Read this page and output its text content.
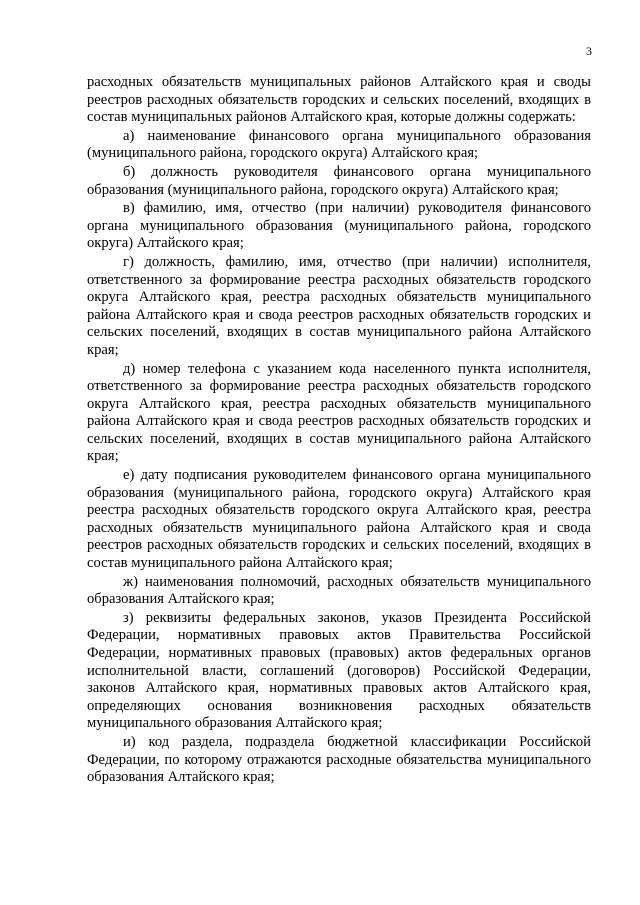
3

расходных обязательств муниципальных районов Алтайского края и своды реестров расходных обязательств городских и сельских поселений, входящих в состав муниципальных районов Алтайского края, которые должны содержать:

а) наименование финансового органа муниципального образования (муниципального района, городского округа) Алтайского края;

б) должность руководителя финансового органа муниципального образования (муниципального района, городского округа) Алтайского края;

в) фамилию, имя, отчество (при наличии) руководителя финансового органа муниципального образования (муниципального района, городского округа) Алтайского края;

г) должность, фамилию, имя, отчество (при наличии) исполнителя, ответственного за формирование реестра расходных обязательств городского округа Алтайского края, реестра расходных обязательств муниципального района Алтайского края и свода реестров расходных обязательств городских и сельских поселений, входящих в состав муниципального района Алтайского края;

д) номер телефона с указанием кода населенного пункта исполнителя, ответственного за формирование реестра расходных обязательств городского округа Алтайского края, реестра расходных обязательств муниципального района Алтайского края и свода реестров расходных обязательств городских и сельских поселений, входящих в состав муниципального района Алтайского края;

е) дату подписания руководителем финансового органа муниципального образования (муниципального района, городского округа) Алтайского края реестра расходных обязательств городского округа Алтайского края, реестра расходных обязательств муниципального района Алтайского края и свода реестров расходных обязательств городских и сельских поселений, входящих в состав муниципального района Алтайского края;

ж) наименования полномочий, расходных обязательств муниципального образования Алтайского края;

з) реквизиты федеральных законов, указов Президента Российской Федерации, нормативных правовых актов Правительства Российской Федерации, нормативных правовых (правовых) актов федеральных органов исполнительной власти, соглашений (договоров) Российской Федерации, законов Алтайского края, нормативных правовых актов Алтайского края, определяющих основания возникновения расходных обязательств муниципального образования Алтайского края;

и) код раздела, подраздела бюджетной классификации Российской Федерации, по которому отражаются расходные обязательства муниципального образования Алтайского края;
